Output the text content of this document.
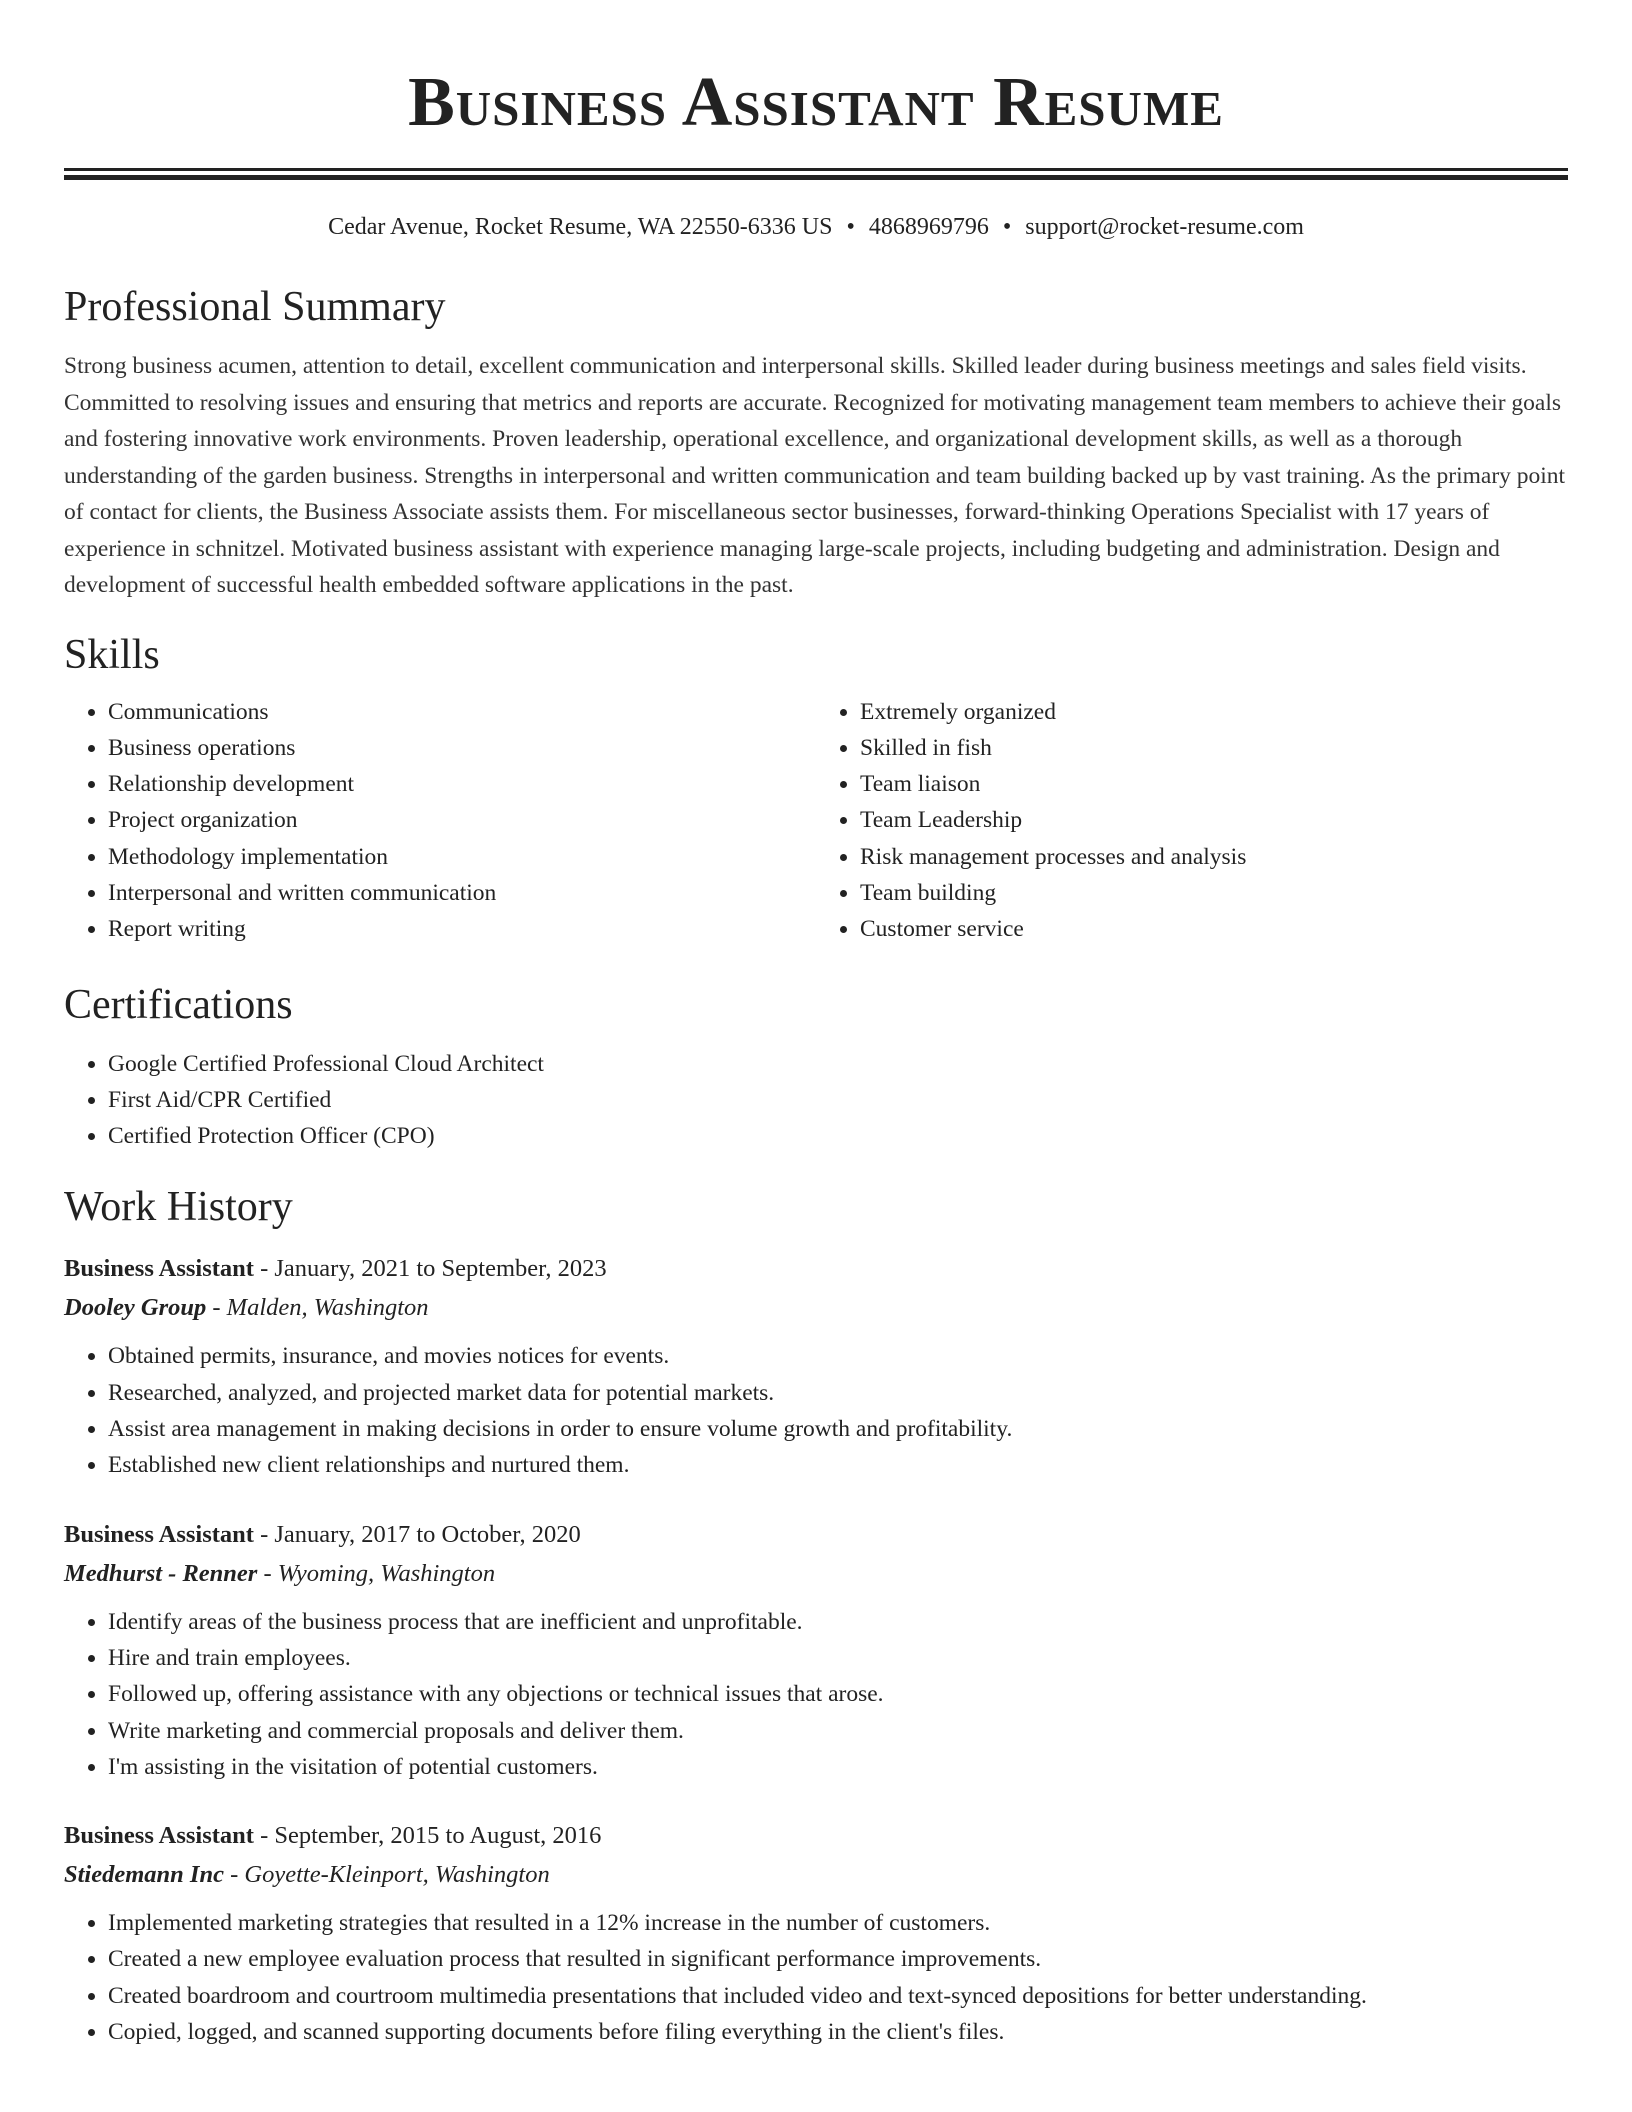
Business Assistant Resume
Cedar Avenue, Rocket Resume, WA 22550-6336 US • 4868969796 • support@rocket-resume.com
Professional Summary

Strong business acumen, attention to detail, excellent communication and interpersonal skills. Skilled leader during business meetings and sales field visits. Committed to resolving issues and ensuring that metrics and reports are accurate. Recognized for motivating management team members to achieve their goals and fostering innovative work environments. Proven leadership, operational excellence, and organizational development skills, as well as a thorough understanding of the garden business. Strengths in interpersonal and written communication and team building backed up by vast training. As the primary point of contact for clients, the Business Associate assists them. For miscellaneous sector businesses, forward-thinking Operations Specialist with 17 years of experience in schnitzel. Motivated business assistant with experience managing large-scale projects, including budgeting and administration. Design and development of successful health embedded software applications in the past.

Skills
• Communications
• Business operations
• Relationship development
• Project organization
• Methodology implementation
• Interpersonal and written communication
• Report writing
• Extremely organized
• Skilled in fish
• Team liaison
• Team Leadership
• Risk management processes and analysis
• Team building
• Customer service
Certifications
• Google Certified Professional Cloud Architect
• First Aid/CPR Certified
• Certified Protection Officer (CPO)
Work History
Business Assistant - January, 2021 to September, 2023
Dooley Group - Malden, Washington
• Obtained permits, insurance, and movies notices for events.
• Researched, analyzed, and projected market data for potential markets.
• Assist area management in making decisions in order to ensure volume growth and profitability.
• Established new client relationships and nurtured them.
Business Assistant - January, 2017 to October, 2020
Medhurst - Renner - Wyoming, Washington
• Identify areas of the business process that are inefficient and unprofitable.
• Hire and train employees.
• Followed up, offering assistance with any objections or technical issues that arose.
• Write marketing and commercial proposals and deliver them.
• I'm assisting in the visitation of potential customers.
Business Assistant - September, 2015 to August, 2016
Stiedemann Inc - Goyette-Kleinport, Washington
• Implemented marketing strategies that resulted in a 12% increase in the number of customers.
• Created a new employee evaluation process that resulted in significant performance improvements.
• Created boardroom and courtroom multimedia presentations that included video and text-synced depositions for better understanding.
• Copied, logged, and scanned supporting documents before filing everything in the client's files.
